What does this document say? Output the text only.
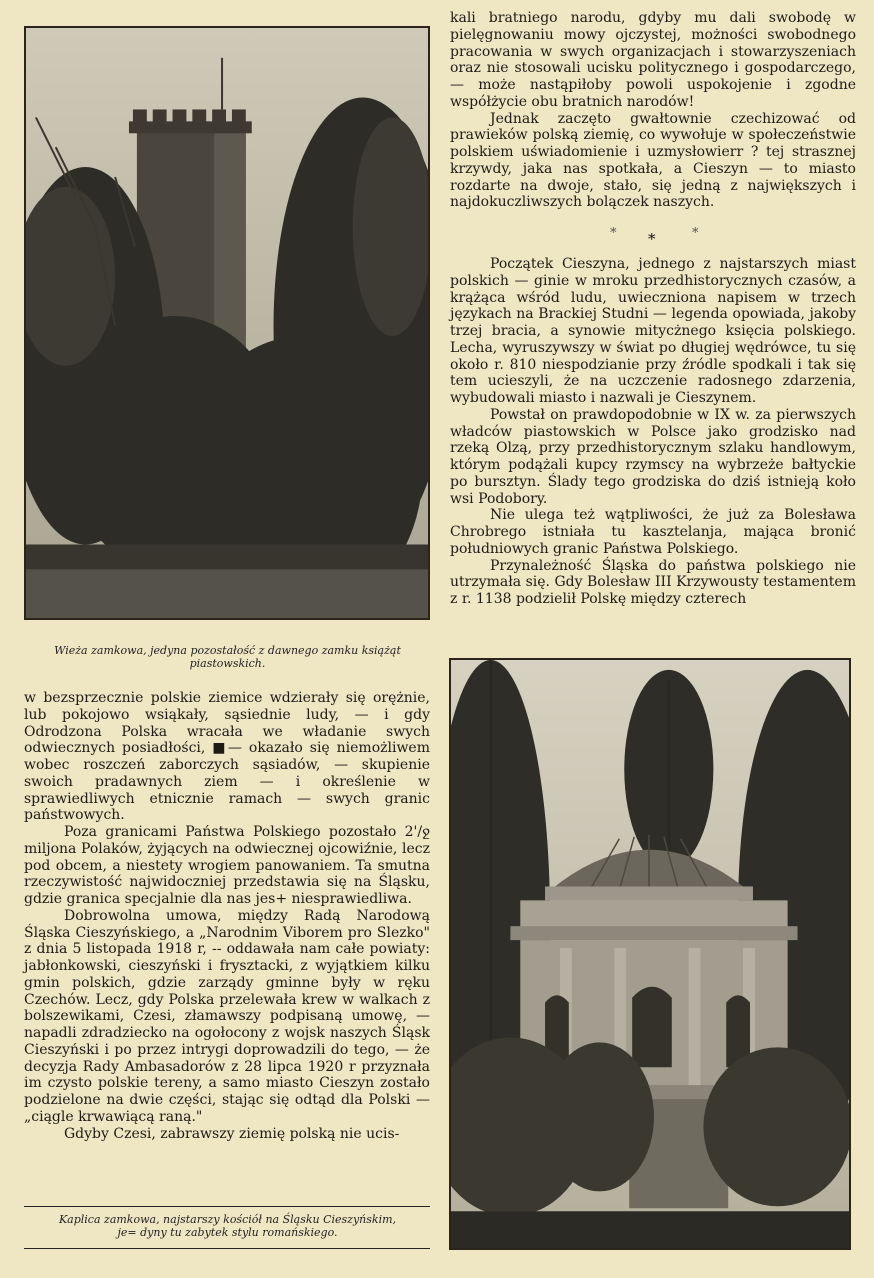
Wieża zamkowa, jedyna pozostałość z dawnego zamku książąt piastowskich.

kali bratniego narodu, gdyby mu dali swobodę w pielęgnowaniu mowy ojczystej, możności swobodnego pracowania w swych organizacjach i stowarzyszeniach oraz nie stosowali ucisku politycznego i gospodarczego, — może nastąpiłoby powoli uspokojenie i zgodne współżycie obu bratnich narodów!

Jednak zaczęto gwałtownie czechizować od prawieków polską ziemię, co wywołuje w społeczeństwie polskiem uświadomienie i uzmysłowierr ? tej strasznej krzywdy, jaka nas spotkała, a Cieszyn — to miasto rozdarte na dwoje, stało, się jedną z największych i najdokuczliwszych bolączek naszych.

* *	*

Początek Cieszyna, jednego z najstarszych miast polskich — ginie w mroku przedhistorycznych czasów, a krążąca wśród ludu, uwieczniona napisem w trzech językach na Brackiej Studni — legenda opowiada, jakoby trzej bracia, a synowie mitycżnego księcia polskiego. Lecha, wyruszywszy w świat po długiej wędrówce, tu się około r. 810 niespodzianie przy źródle spodkali i tak się tem ucieszyli, że na uczczenie radosnego zdarzenia, wybudowali miasto i nazwali je Cieszynem.

Powstał on prawdopodobnie w IX w. za pierwszych władców piastowskich w Polsce jako grodzisko nad rzeką Olzą, przy przedhistorycznym szlaku handlowym, którym podążali kupcy rzymscy na wybrzeże bałtyckie po bursztyn. Ślady tego grodziska do dziś istnieją koło wsi Podobory.

Nie ulega też wątpliwości, że już za Bolesława Chrobrego istniała tu kasztelanja, mająca bronić południowych granic Państwa Polskiego.

Przynależność Śląska do państwa polskiego nie utrzymała się. Gdy Bolesław III Krzywousty testamentem z r. 1138 podzielił Polskę między czterech

w bezsprzecznie polskie ziemice wdzierały się orężnie, lub pokojowo wsiąkały, sąsiednie ludy, — i gdy Odrodzona Polska wracała we władanie swych odwiecznych posiadłości, ■— okazało się niemożliwem wobec roszczeń zaborczych sąsiadów, — skupienie swoich pradawnych ziem — i określenie w sprawiedliwych etnicznie ramach — swych granic państwowych.

Poza granicami Państwa Polskiego pozostało 2'/ջ miljona Polaków, żyjących na odwiecznej ojcowiźnie, lecz pod obcem, a niestety wrogiem panowaniem. Ta smutna rzeczywistość najwidoczniej przedstawia się na Śląsku, gdzie granica specjalnie dla nas jes+ niesprawiedliwa.

Dobrowolna umowa, między Radą Narodową Śląska Cieszyńskiego, a „Narodnim Viborem pro Slezko" z dnia 5 listopada 1918 r, -- oddawała nam całe powiaty: jabłonkowski, cieszyński i frysztacki, z wyjątkiem kilku gmin polskich, gdzie zarządy gminne były w ręku Czechów. Lecz, gdy Polska przelewała krew w walkach z bolszewikami, Czesi, złamawszy podpisaną umowę, — napadli zdradziecko na ogołocony z wojsk naszych Śląsk Cieszyński i po przez intrygi doprowadzili do tego, — że decyzja Rady Ambasadorów z 28 lipca 1920 r przyznała im czysto polskie tereny, a samo miasto Cieszyn zostało podzielone na dwie części, stając się odtąd dla Polski — „ciągle krwawiącą raną."

Gdyby Czesi, zabrawszy ziemię polską nie ucis-

Kaplica zamkowa, najstarszy kościół na Śląsku Cieszyńskim, je= dyny tu zabytek stylu romańskiego.
